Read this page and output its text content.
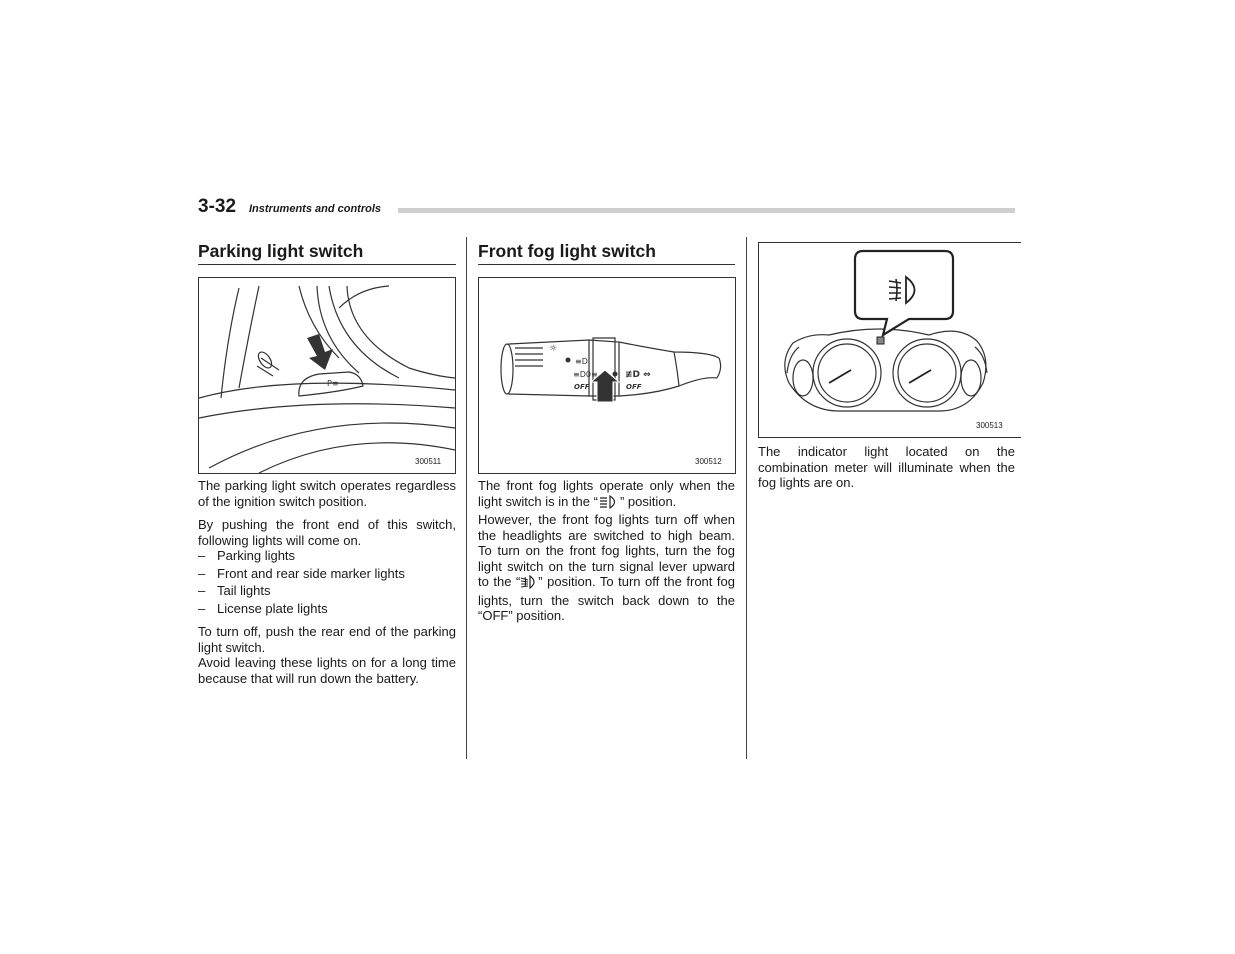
3-32 Instruments and controls
Parking light switch
P≡
300511

The parking light switch operates regardless of the ignition switch position.

By pushing the front end of this switch, following lights will come on.

– Parking lights
– Front and rear side marker lights
– Tail lights
– License plate lights

To turn off, push the rear end of the parking light switch.

Avoid leaving these lights on for a long time because that will run down the battery.

Front fog light switch
☼
≡D
≡D0≡	≢D ⇔
OFF	OFF
300512

The front fog lights operate only when the light switch is in the “ ” position.

However, the front fog lights turn off when the headlights are switched to high beam. To turn on the front fog lights, turn the fog light switch on the turn signal lever upward to the “ ” position. To turn off the front fog lights, turn the switch back down to the “OFF” position.

300513

The indicator light located on the combination meter will illuminate when the fog lights are on.
